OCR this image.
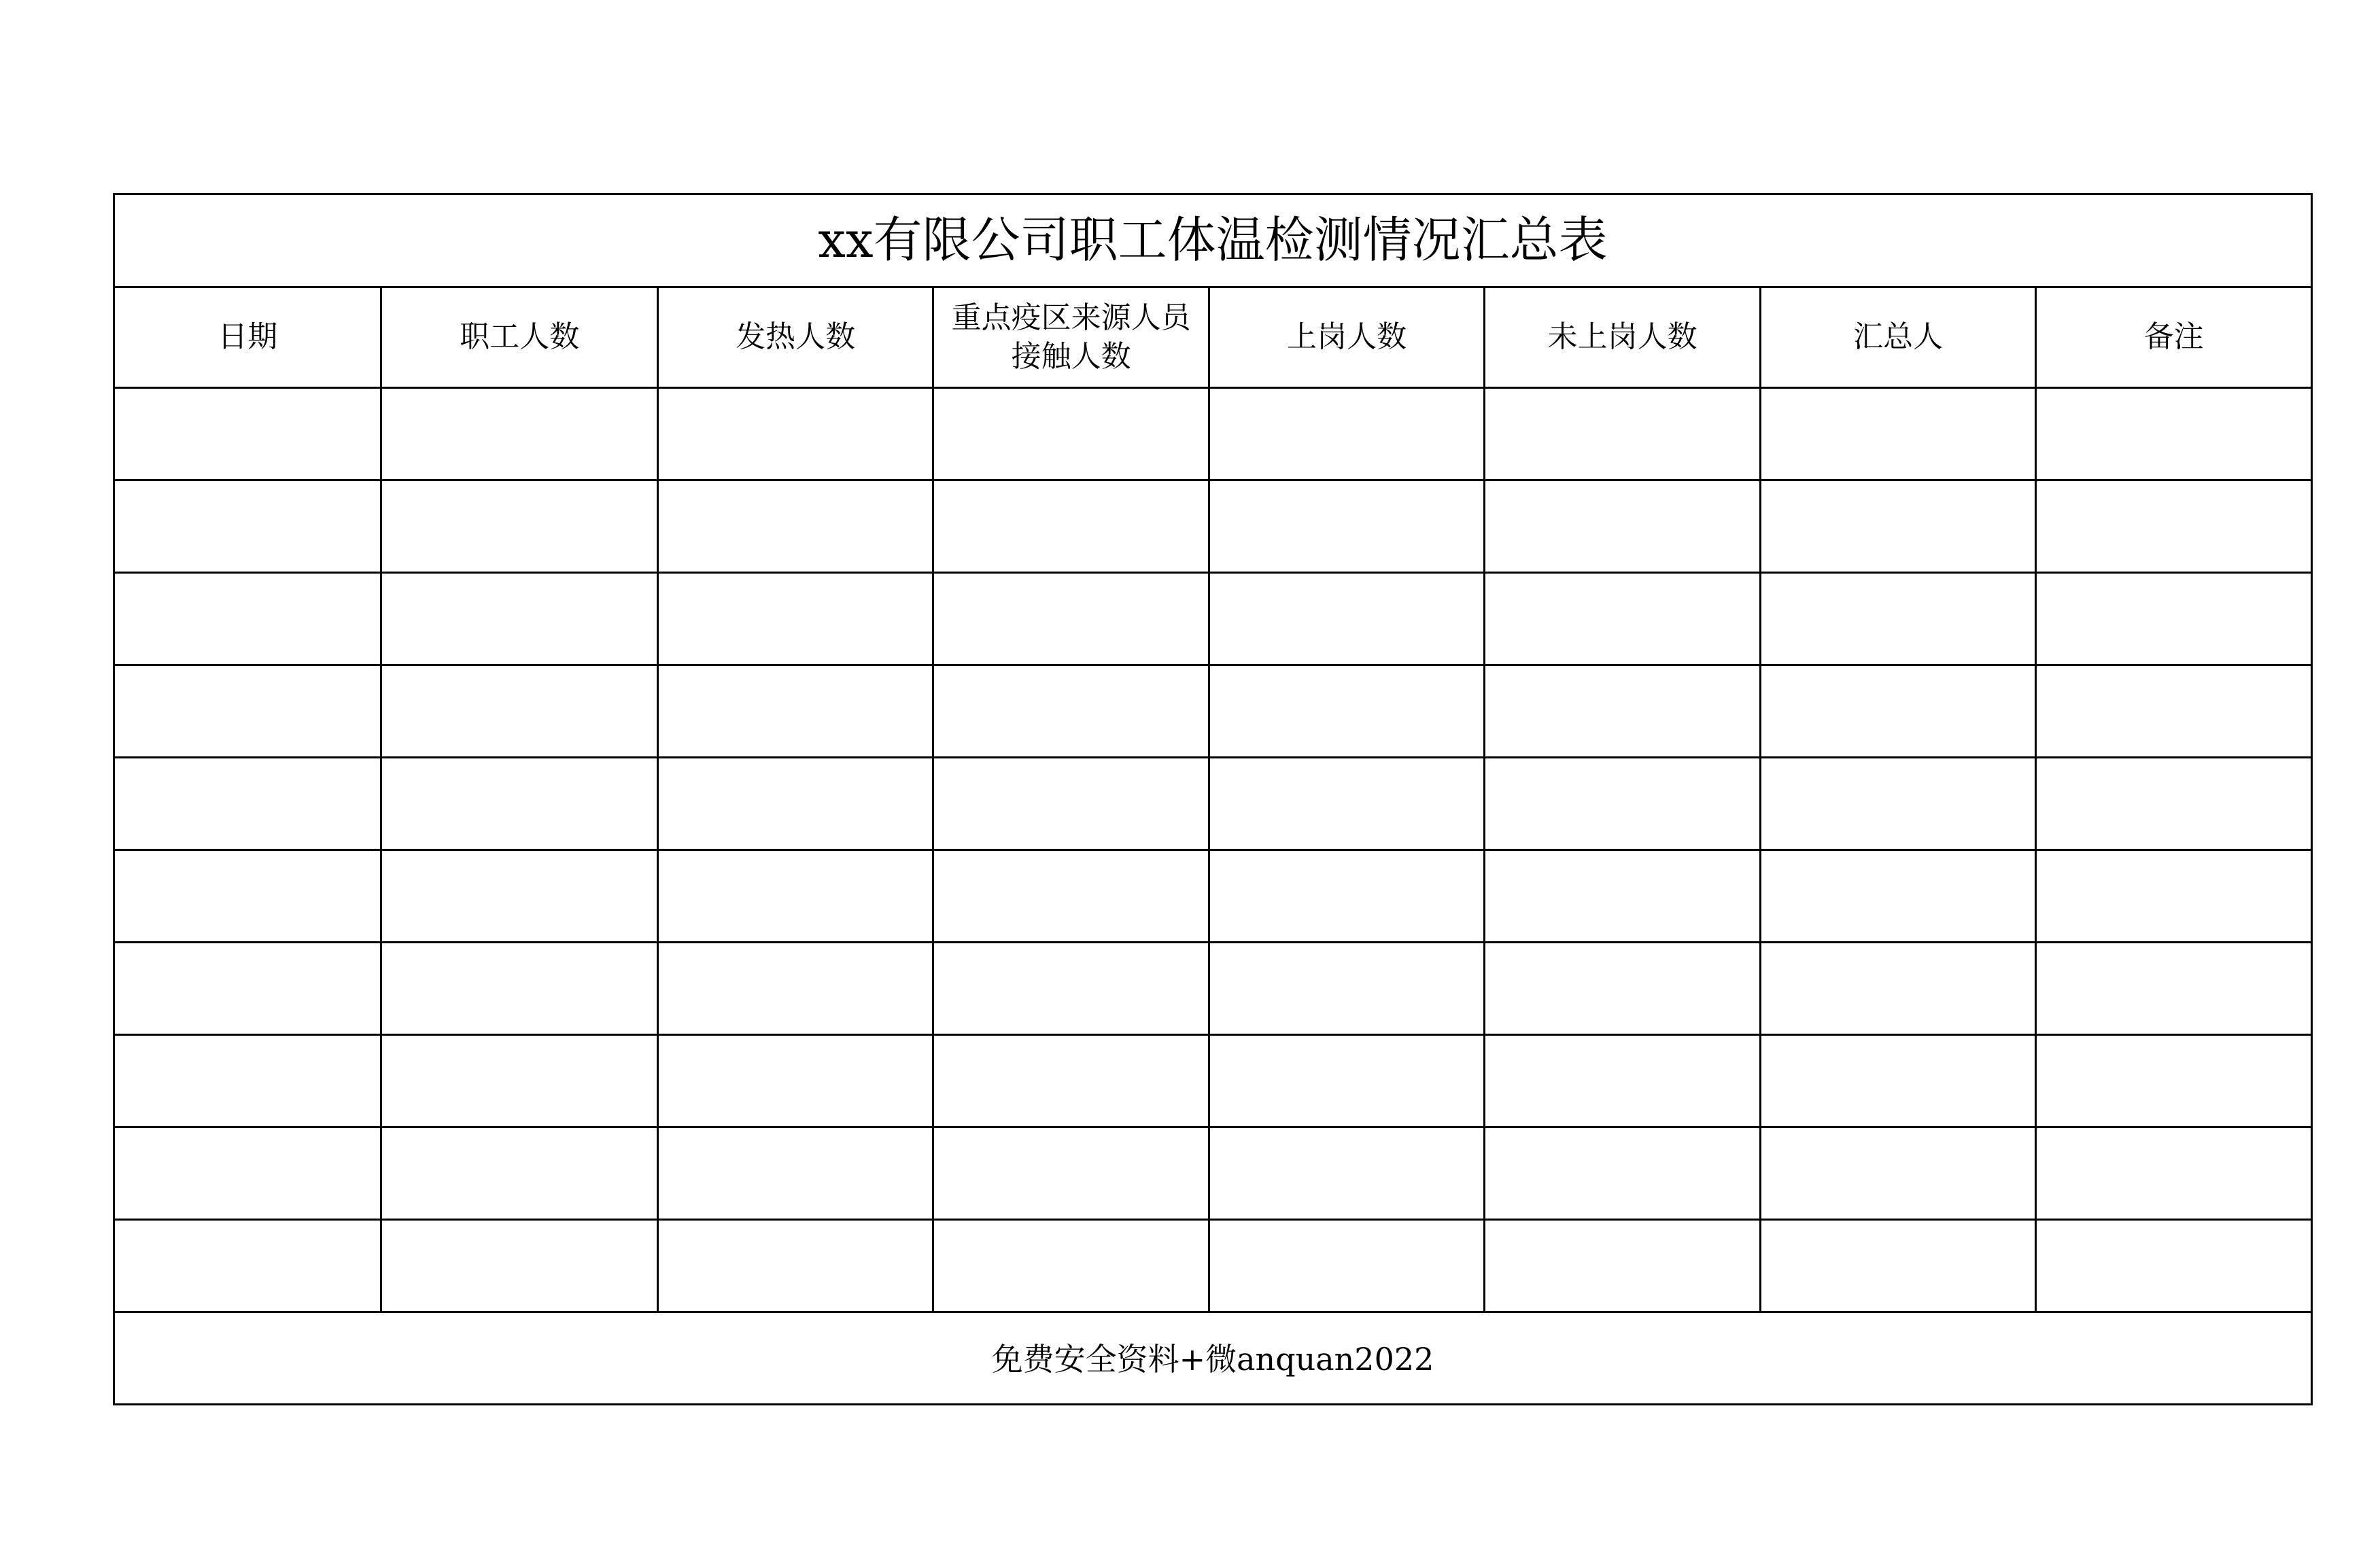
xx有限公司职工体温检测情况汇总表							
日期	职工人数	发热人数	重点疫区来源人员接触人数	上岗人数	未上岗人数	汇总人	备注

免费安全资料+微anquan2022							
